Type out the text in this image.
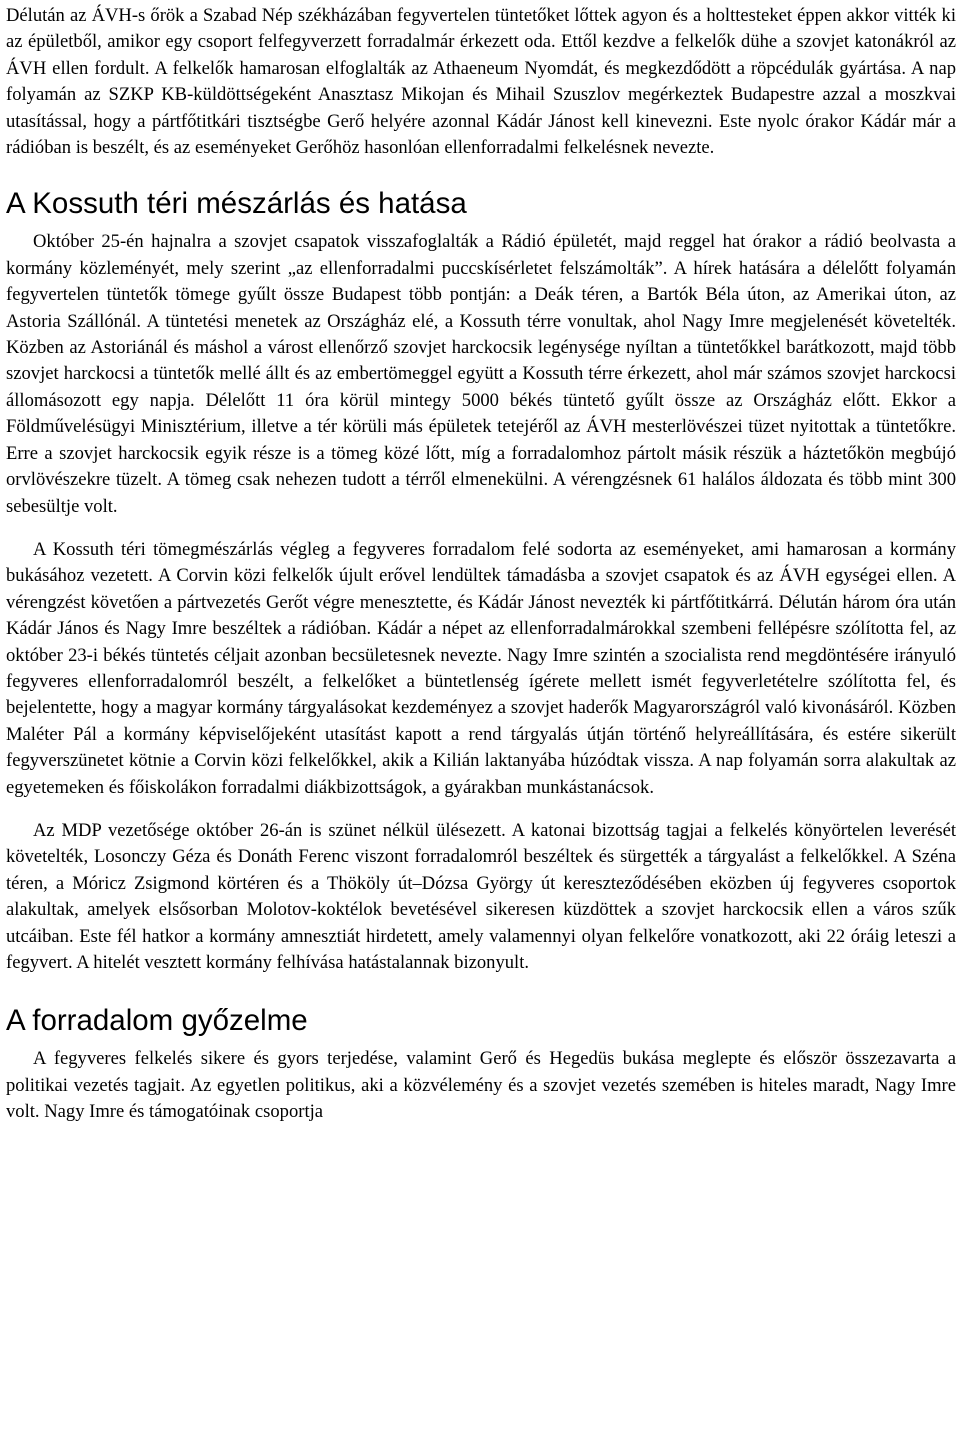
Délután az ÁVH-s őrök a Szabad Nép székházában fegyvertelen tüntetőket lőttek agyon és a holttesteket éppen akkor vitték ki az épületből, amikor egy csoport felfegyverzett forradalmár érkezett oda. Ettől kezdve a felkelők dühe a szovjet katonákról az ÁVH ellen fordult. A felkelők hamarosan elfoglalták az Athaeneum Nyomdát, és megkezdődött a röpcédulák gyártása. A nap folyamán az SZKP KB-küldöttségeként Anasztasz Mikojan és Mihail Szuszlov megérkeztek Budapestre azzal a moszkvai utasítással, hogy a pártfőtitkári tisztségbe Gerő helyére azonnal Kádár Jánost kell kinevezni. Este nyolc órakor Kádár már a rádióban is beszélt, és az eseményeket Gerőhöz hasonlóan ellenforradalmi felkelésnek nevezte.

A Kossuth téri mészárlás és hatása

Október 25-én hajnalra a szovjet csapatok visszafoglalták a Rádió épületét, majd reggel hat órakor a rádió beolvasta a kormány közleményét, mely szerint „az ellenforradalmi puccskísérletet felszámolták”. A hírek hatására a délelőtt folyamán fegyvertelen tüntetők tömege gyűlt össze Budapest több pontján: a Deák téren, a Bartók Béla úton, az Amerikai úton, az Astoria Szállónál. A tüntetési menetek az Országház elé, a Kossuth térre vonultak, ahol Nagy Imre megjelenését követelték. Közben az Astoriánál és máshol a várost ellenőrző szovjet harckocsik legénysége nyíltan a tüntetőkkel barátkozott, majd több szovjet harckocsi a tüntetők mellé állt és az embertömeggel együtt a Kossuth térre érkezett, ahol már számos szovjet harckocsi állomásozott egy napja. Délelőtt 11 óra körül mintegy 5000 békés tüntető gyűlt össze az Országház előtt. Ekkor a Földművelésügyi Minisztérium, illetve a tér körüli más épületek tetejéről az ÁVH mesterlövészei tüzet nyitottak a tüntetőkre. Erre a szovjet harckocsik egyik része is a tömeg közé lőtt, míg a forradalomhoz pártolt másik részük a háztetőkön megbújó orvlövészekre tüzelt. A tömeg csak nehezen tudott a térről elmenekülni. A vérengzésnek 61 halálos áldozata és több mint 300 sebesültje volt.

A Kossuth téri tömegmészárlás végleg a fegyveres forradalom felé sodorta az eseményeket, ami hamarosan a kormány bukásához vezetett. A Corvin közi felkelők újult erővel lendültek támadásba a szovjet csapatok és az ÁVH egységei ellen. A vérengzést követően a pártvezetés Gerőt végre menesztette, és Kádár Jánost nevezték ki pártfőtitkárrá. Délután három óra után Kádár János és Nagy Imre beszéltek a rádióban. Kádár a népet az ellenforradalmárokkal szembeni fellépésre szólította fel, az október 23-i békés tüntetés céljait azonban becsületesnek nevezte. Nagy Imre szintén a szocialista rend megdöntésére irányuló fegyveres ellenforradalomról beszélt, a felkelőket a büntetlenség ígérete mellett ismét fegyverletételre szólította fel, és bejelentette, hogy a magyar kormány tárgyalásokat kezdeményez a szovjet haderők Magyarországról való kivonásáról. Közben Maléter Pál a kormány képviselőjeként utasítást kapott a rend tárgyalás útján történő helyreállítására, és estére sikerült fegyverszünetet kötnie a Corvin közi felkelőkkel, akik a Kilián laktanyába húzódtak vissza. A nap folyamán sorra alakultak az egyetemeken és főiskolákon forradalmi diákbizottságok, a gyárakban munkástanácsok.

Az MDP vezetősége október 26-án is szünet nélkül ülésezett. A katonai bizottság tagjai a felkelés könyörtelen leverését követelték, Losonczy Géza és Donáth Ferenc viszont forradalomról beszéltek és sürgették a tárgyalást a felkelőkkel. A Széna téren, a Móricz Zsigmond körtéren és a Thököly út–Dózsa György út kereszteződésében eközben új fegyveres csoportok alakultak, amelyek elsősorban Molotov-koktélok bevetésével sikeresen küzdöttek a szovjet harckocsik ellen a város szűk utcáiban. Este fél hatkor a kormány amnesztiát hirdetett, amely valamennyi olyan felkelőre vonatkozott, aki 22 óráig leteszi a fegyvert. A hitelét vesztett kormány felhívása hatástalannak bizonyult.

A forradalom győzelme

A fegyveres felkelés sikere és gyors terjedése, valamint Gerő és Hegedüs bukása meglepte és először összezavarta a politikai vezetés tagjait. Az egyetlen politikus, aki a közvélemény és a szovjet vezetés szemében is hiteles maradt, Nagy Imre volt. Nagy Imre és támogatóinak csoportja
